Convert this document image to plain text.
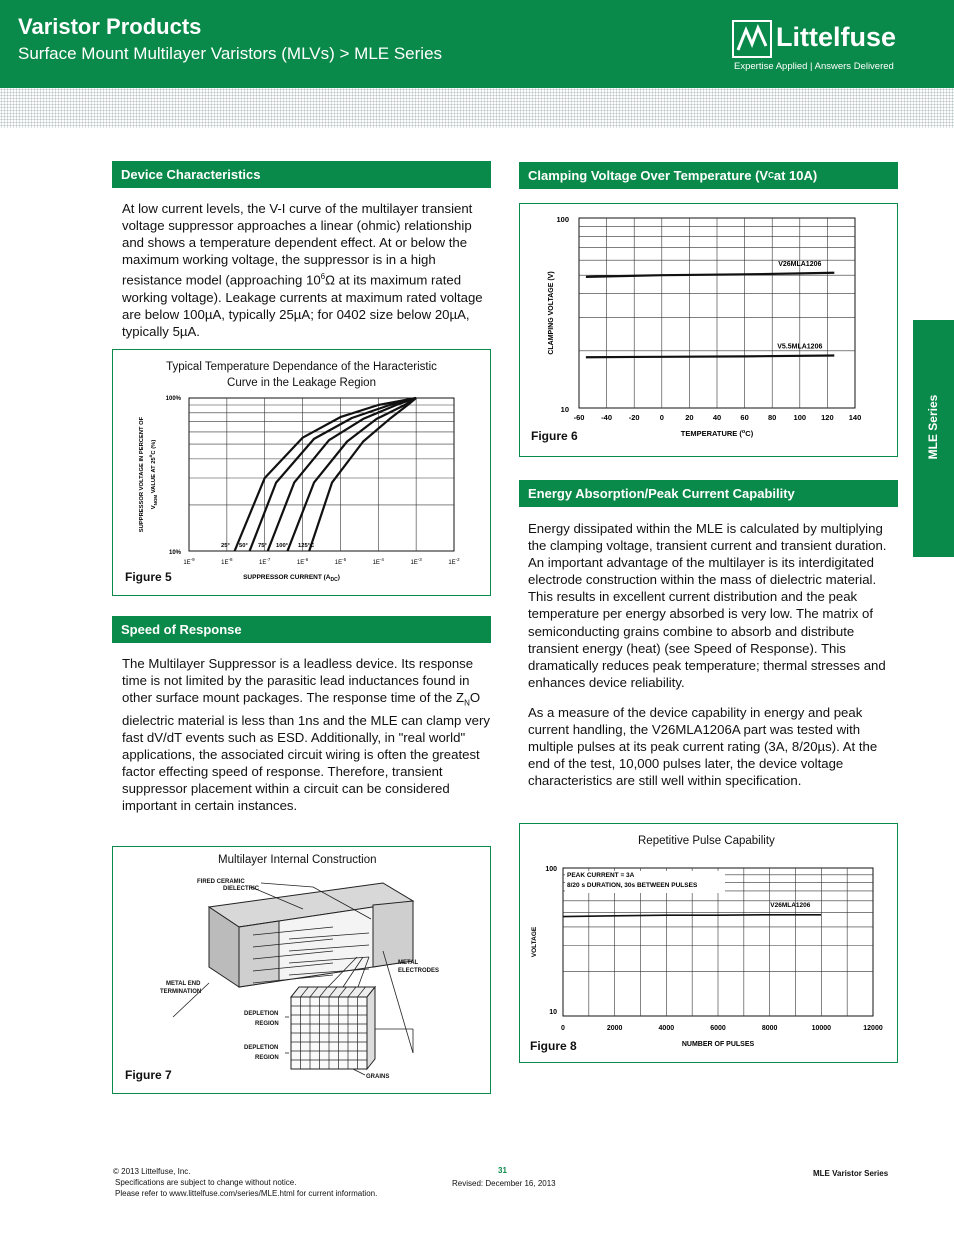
Varistor Products
Surface Mount Multilayer Varistors (MLVs) > MLE Series
Littelfuse
Expertise Applied | Answers Delivered
MLE Series
Device Characteristics

At low current levels, the V-I curve of the multilayer transient voltage suppressor approaches a linear (ohmic) relationship and shows a temperature dependent effect. At or below the maximum working voltage, the suppressor is in a high resistance model (approaching $10^6\Omega$ at its maximum rated working voltage). Leakage currents at maximum rated voltage are below 100µA, typically 25µA; for 0402 size below 20µA, typically 5µA.

Typical Temperature Dependance of the Haracteristic
Curve in the Leakage Region
100%
10%
$1E^{-9}$
$1E^{-8}$
$1E^{-7}$
$1E^{-6}$
$1E^{-5}$
$1E^{-4}$
$1E^{-3}$
$1E^{-2}$
SUPPRESSOR CURRENT $(A_{DC})$
SUPPRESSOR VOLTAGE IN PERCENT OF	$V_{NOM}$ VALUE AT 25$^o$C (%)
25° 50° 75° 100° 125°C
Figure 5
Speed of Response

The Multilayer Suppressor is a leadless device. Its response time is not limited by the parasitic lead inductances found in other surface mount packages. The response time of the $Z_NO$ dielectric material is less than 1ns and the MLE can clamp very fast dV/dT events such as ESD. Additionally, in "real world" applications, the associated circuit wiring is often the greatest factor effecting speed of response. Therefore, transient suppressor placement within a circuit can be considered important in certain instances.

Multilayer Internal Construction
FIRED CERAMIC
DIELECTRIC
METAL
ELECTRODES
METAL END
TERMINATION
DEPLETION
REGION
DEPLETION
REGION
GRAINS
Figure 7
Clamping Voltage Over Temperature (V C at 10A)
-60 -40 -20	0	20	40	60	80 100 120 140
100
10
CLAMPING VOLTAGE (V)
TEMPERATURE ($^o$C)
V26MLA1206
V5.5MLA1206
Figure 6
Energy Absorption/Peak Current Capability

Energy dissipated within the MLE is calculated by multiplying the clamping voltage, transient current and transient duration. An important advantage of the multilayer is its interdigitated electrode construction within the mass of dielectric material. This results in excellent current distribution and the peak temperature per energy absorbed is very low. The matrix of semiconducting grains combine to absorb and distribute transient energy (heat) (see Speed of Response). This dramatically reduces peak temperature; thermal stresses and enhances device reliability.

As a measure of the device capability in energy and peak current handling, the V26MLA1206A part was tested with multiple pulses at its peak current rating (3A, 8/20µs). At the end of the test, 10,000 pulses later, the device voltage characteristics are still well within specification.

Repetitive Pulse Capability
0	2000	4000	6000	8000	10000	12000
100
10
NUMBER OF PULSES
VOLTAGE
PEAK CURRENT = 3A
8/20 s DURATION, 30s BETWEEN PULSES
V26MLA1206
Figure 8
© 2013 Littelfuse, Inc.
Specifications are subject to change without notice.
Please refer to www.littelfuse.com/series/MLE.html for current information.
31
Revised: December 16, 2013
MLE Varistor Series
